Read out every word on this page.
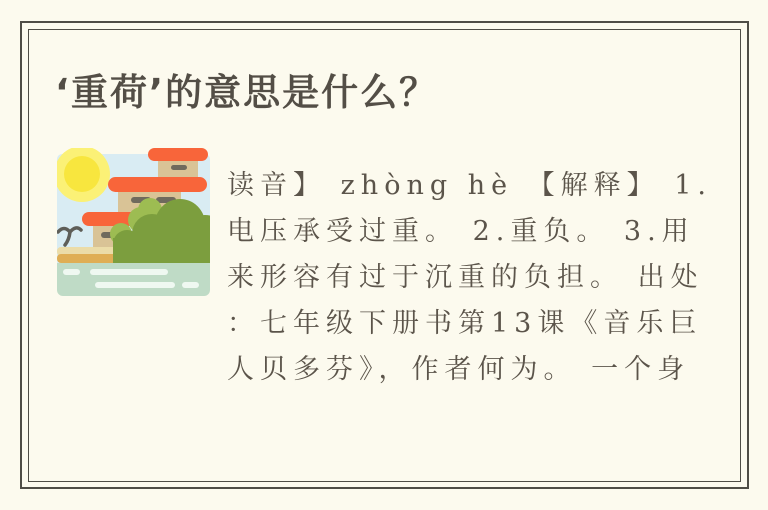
‘重荷’的意思是什么？
读音】 zhòng hè 【解释】 1.
电压承受过重。 2.重负。 3.用
来形容有过于沉重的负担。 出处
：七年级下册书第13课《音乐巨
人贝多芬》，作者何为。 一个身
